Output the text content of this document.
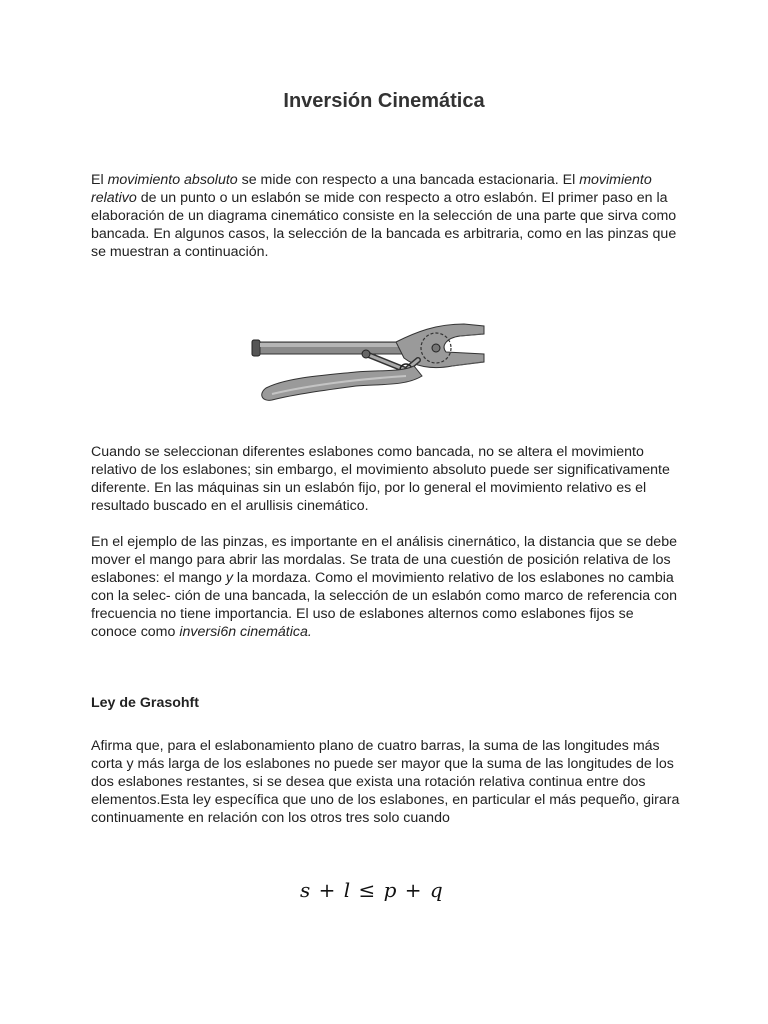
Inversión Cinemática

El movimiento absoluto se mide con respecto a una bancada estacionaria. El movimiento relativo de un punto o un eslabón se mide con respecto a otro eslabón. El primer paso en la elaboración de un diagrama cinemático consiste en la selección de una parte que sirva como bancada. En algunos casos, la selección de la bancada es arbitraria, como en las pinzas que se muestran a continuación.

Cuando se seleccionan diferentes eslabones como bancada, no se altera el movimiento relativo de los eslabones; sin embargo, el movimiento absoluto puede ser significativamente diferente. En las máquinas sin un eslabón fijo, por lo general el movimiento relativo es el resultado buscado en el arullisis cinemático.

En el ejemplo de las pinzas, es importante en el análisis cinernático, la distancia que se debe mover el mango para abrir las mordalas. Se trata de una cuestión de posición relativa de los eslabones: el mango y la mordaza. Como el movimiento relativo de los eslabones no cambia con la selec- ción de una bancada, la selección de un eslabón como marco de referencia con frecuencia no tiene importancia. El uso de eslabones alternos como eslabones fijos se conoce como inversi6n cinemática.

Ley de Grasohft

Afirma que, para el eslabonamiento plano de cuatro barras, la suma de las longitudes más corta y más larga de los eslabones no puede ser mayor que la suma de las longitudes de los dos eslabones restantes, si se desea que exista una rotación relativa continua entre dos elementos.Esta ley específica que uno de los eslabones, en particular el más pequeño, girara continuamente en relación con los otros tres solo cuando

s + l ≤ p + q
